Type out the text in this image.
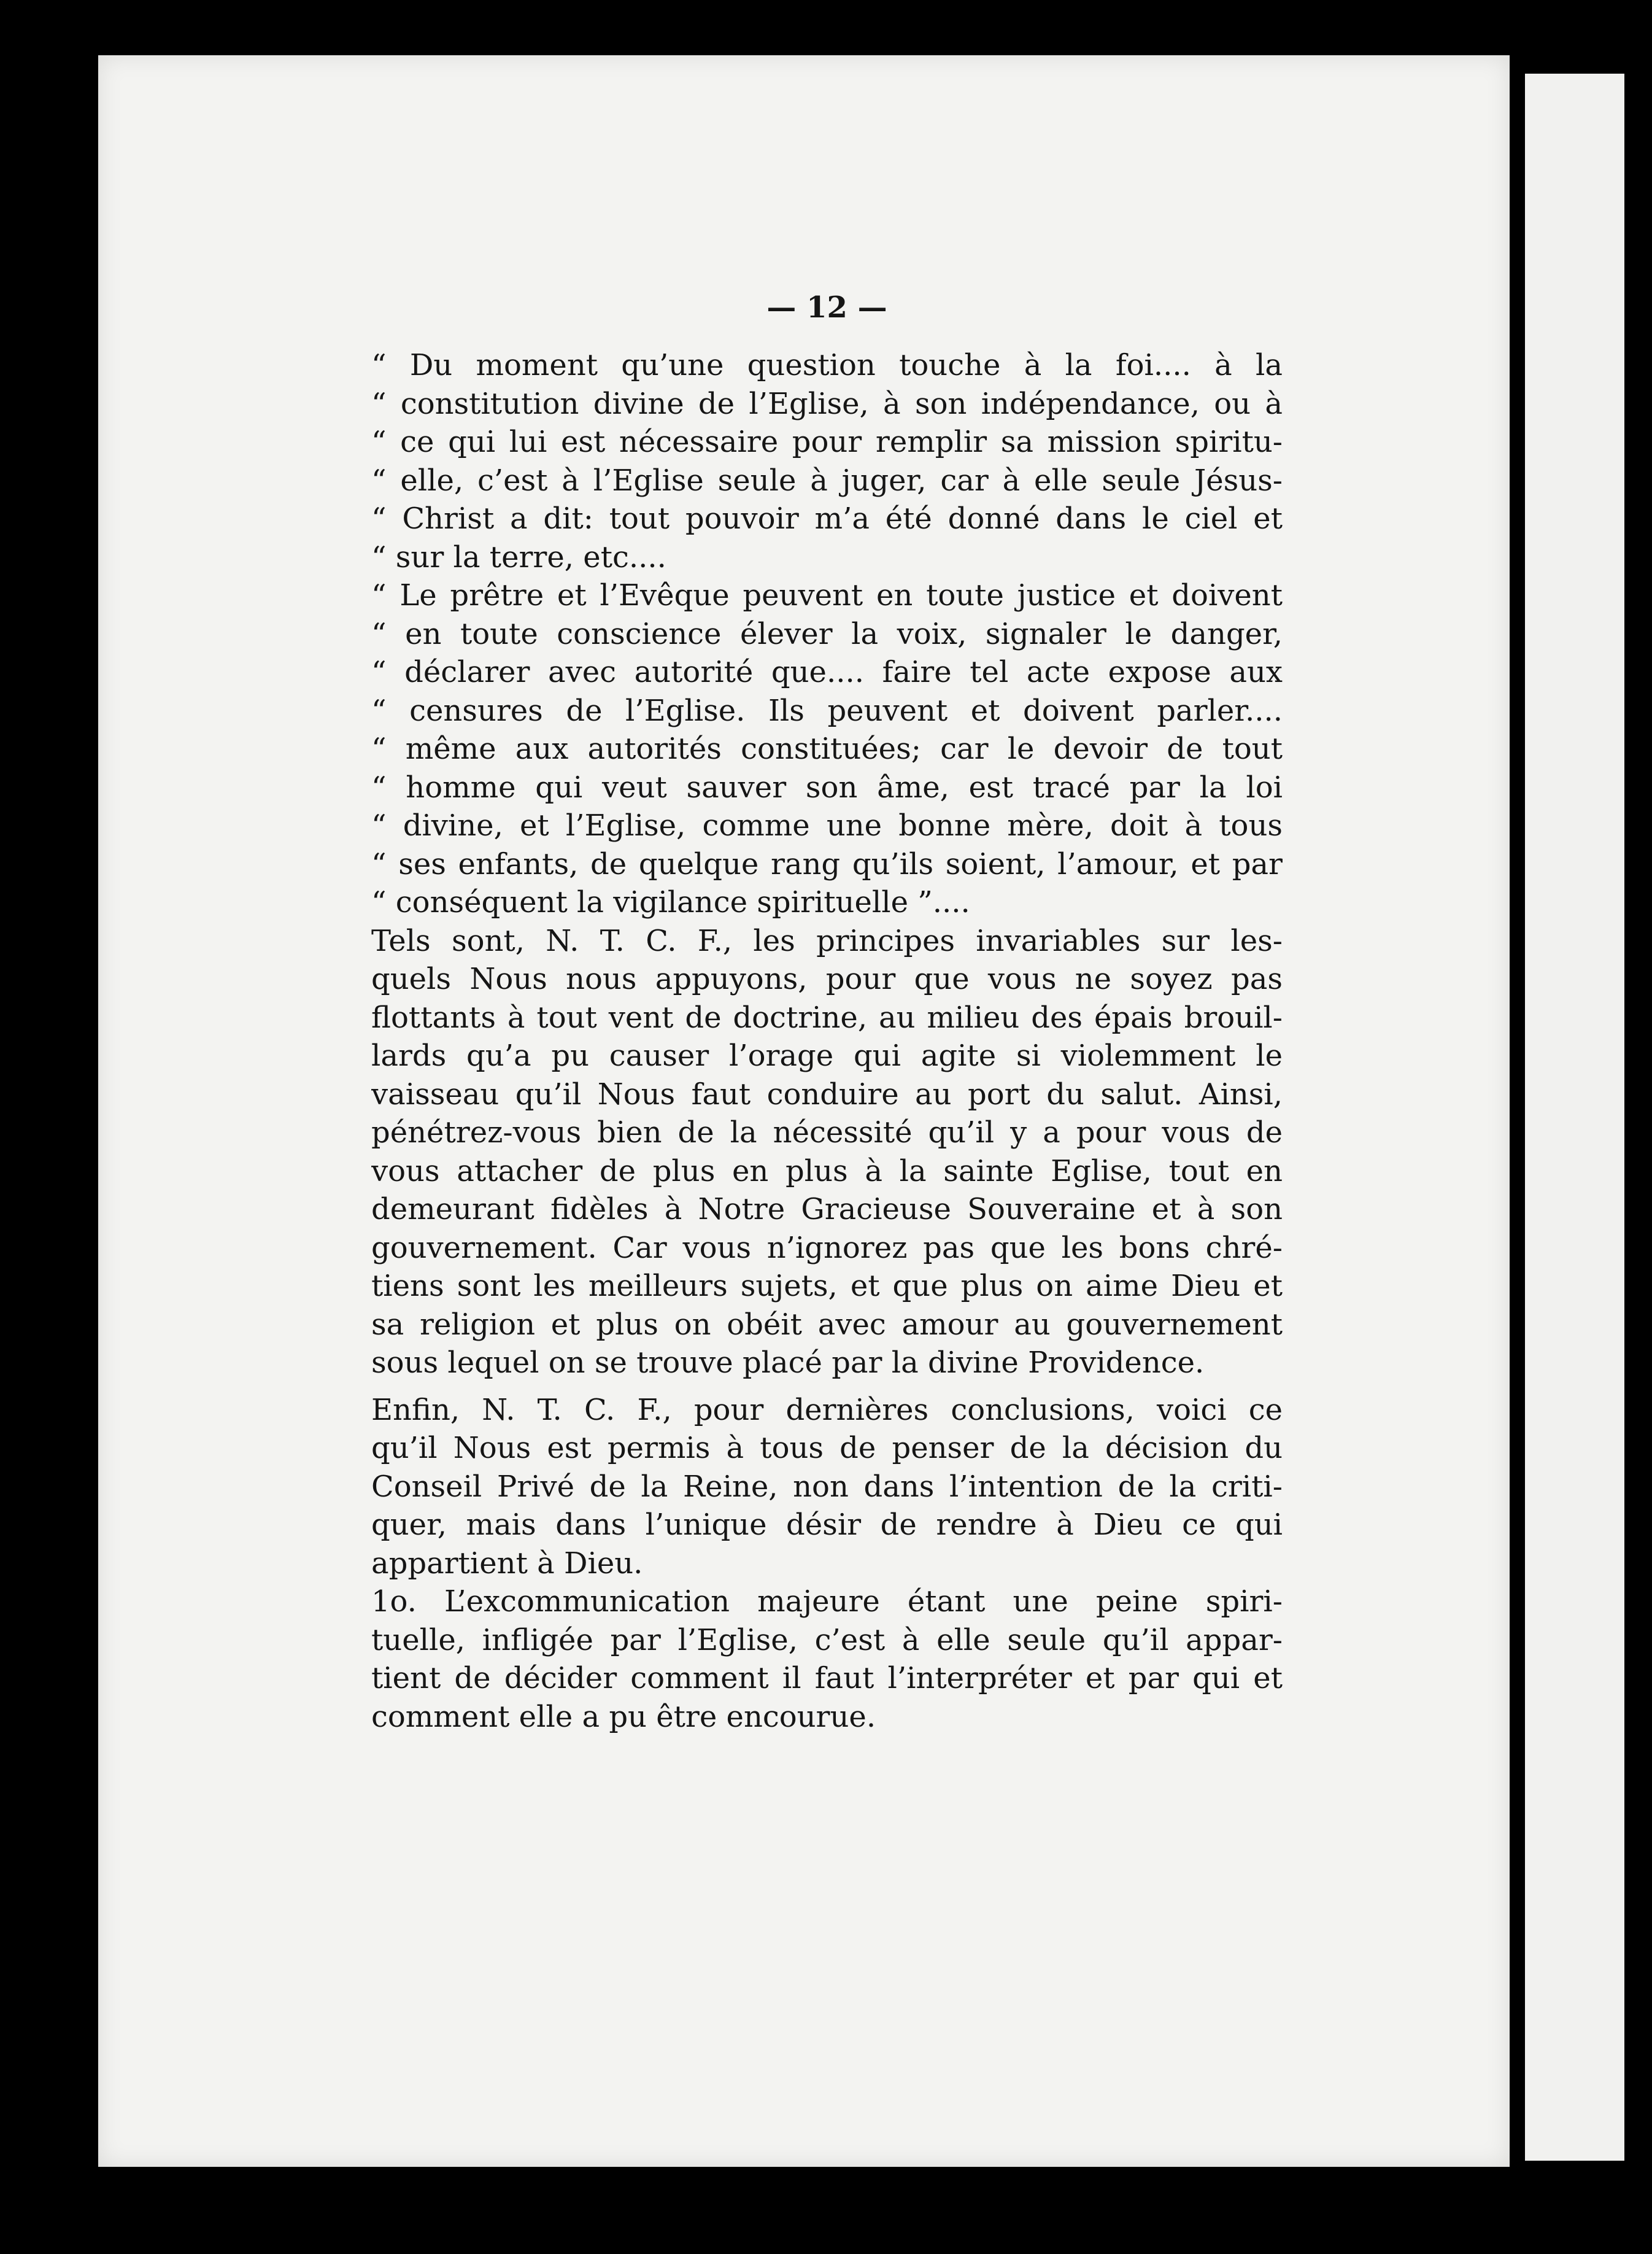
— 12 —
“ Du moment qu’une question touche à la foi.... à la
“ constitution divine de l’Eglise, à son indépendance, ou à
“ ce qui lui est nécessaire pour remplir sa mission spiritu-
“ elle, c’est à l’Eglise seule à juger, car à elle seule Jésus-
“ Christ a dit: tout pouvoir m’a été donné dans le ciel et
“ sur la terre, etc....
“ Le prêtre et l’Evêque peuvent en toute justice et doivent
“ en toute conscience élever la voix, signaler le danger,
“ déclarer avec autorité que.... faire tel acte expose aux
“ censures de l’Eglise. Ils peuvent et doivent parler....
“ même aux autorités constituées; car le devoir de tout
“ homme qui veut sauver son âme, est tracé par la loi
“ divine, et l’Eglise, comme une bonne mère, doit à tous
“ ses enfants, de quelque rang qu’ils soient, l’amour, et par
“ conséquent la vigilance spirituelle ”....
Tels sont, N. T. C. F., les principes invariables sur les-
quels Nous nous appuyons, pour que vous ne soyez pas
flottants à tout vent de doctrine, au milieu des épais brouil-
lards qu’a pu causer l’orage qui agite si violemment le
vaisseau qu’il Nous faut conduire au port du salut. Ainsi,
pénétrez-vous bien de la nécessité qu’il y a pour vous de
vous attacher de plus en plus à la sainte Eglise, tout en
demeurant fidèles à Notre Gracieuse Souveraine et à son
gouvernement. Car vous n’ignorez pas que les bons chré-
tiens sont les meilleurs sujets, et que plus on aime Dieu et
sa religion et plus on obéit avec amour au gouvernement
sous lequel on se trouve placé par la divine Providence.
Enfin, N. T. C. F., pour dernières conclusions, voici ce
qu’il Nous est permis à tous de penser de la décision du
Conseil Privé de la Reine, non dans l’intention de la criti-
quer, mais dans l’unique désir de rendre à Dieu ce qui
appartient à Dieu.
1o. L’excommunication majeure étant une peine spiri-
tuelle, infligée par l’Eglise, c’est à elle seule qu’il appar-
tient de décider comment il faut l’interpréter et par qui et
comment elle a pu être encourue.
